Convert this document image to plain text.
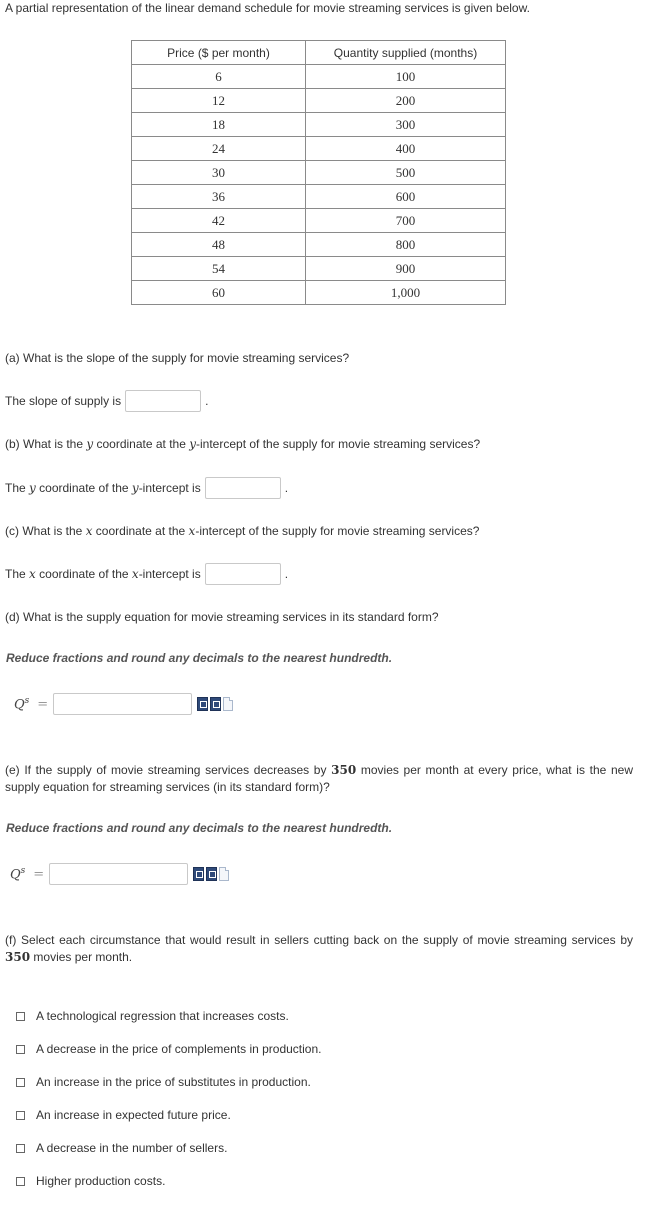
A partial representation of the linear demand schedule for movie streaming services is given below.
Price ($ per month)	Quantity supplied (months)
6	100
12	200
18	300
24	400
30	500
36	600
42	700
48	800
54	900
60	1,000
(a) What is the slope of the supply for movie streaming services?
The slope of supply is	.
(b) What is the y coordinate at the y-intercept of the supply for movie streaming services?
The
y
coordinate of the
y -intercept is	.
(c) What is the x coordinate at the x-intercept of the supply for movie streaming services?
The
x
coordinate of the
x -intercept is	.
(d) What is the supply equation for movie streaming services in its standard form?
Reduce fractions and round any decimals to the nearest hundredth.
$Q^s$ =
(e) If the supply of movie streaming services decreases by 350 movies per month at every price, what is the new supply equation for streaming services (in its standard form)?
Reduce fractions and round any decimals to the nearest hundredth.
$Q^s$ =
(f) Select each circumstance that would result in sellers cutting back on the supply of movie streaming services by 350 movies per month.
A technological regression that increases costs.
A decrease in the price of complements in production.
An increase in the price of substitutes in production.
An increase in expected future price.
A decrease in the number of sellers.
Higher production costs.
